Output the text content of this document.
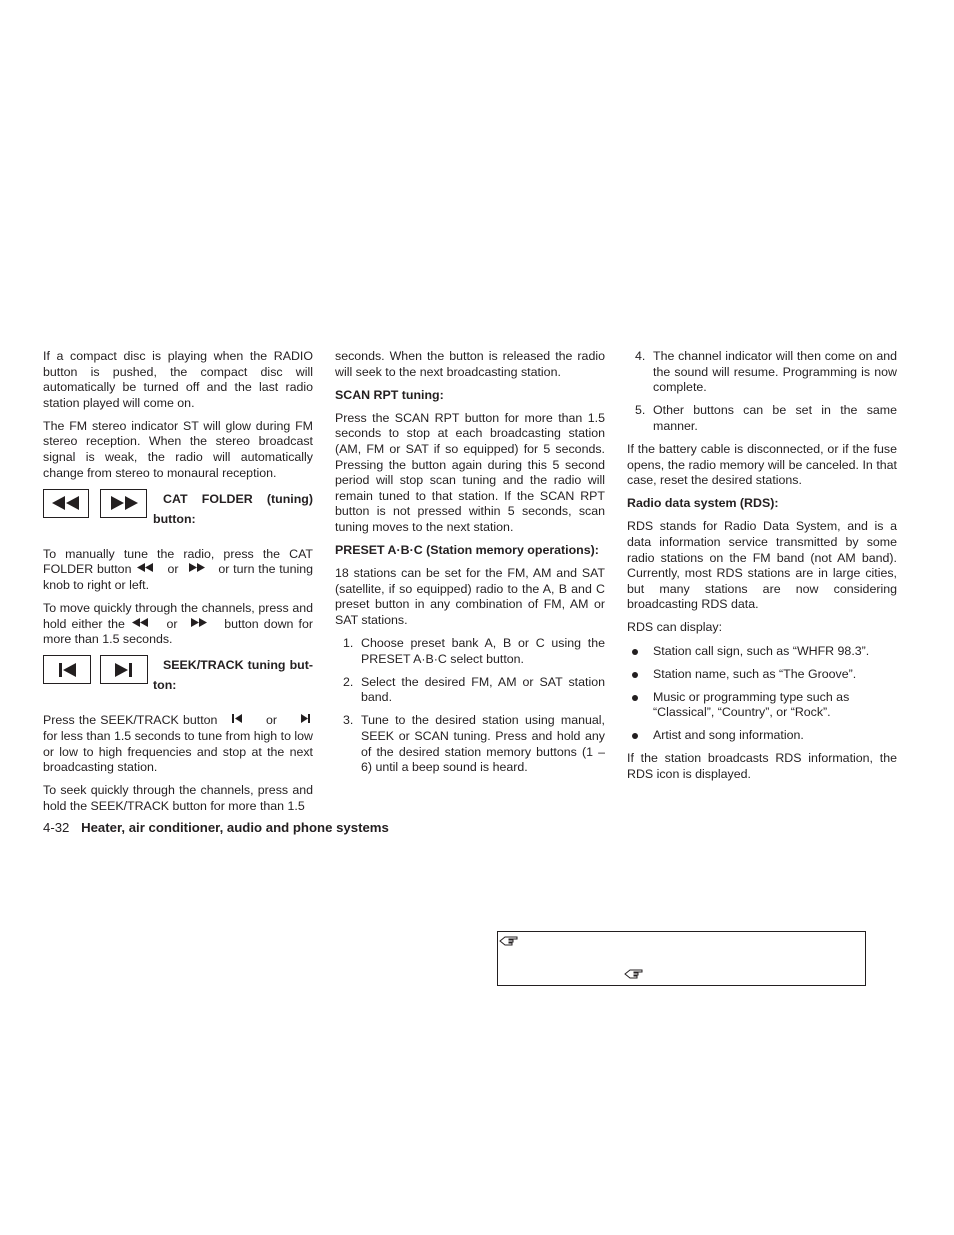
If a compact disc is playing when the RADIO button is pushed, the compact disc will automatically be turned off and the last radio station played will come on.

The FM stereo indicator ST will glow during FM stereo reception. When the stereo broadcast signal is weak, the radio will automatically change from stereo to monaural reception.

CAT FOLDER (tuning)
button:

To manually tune the radio, press the CAT FOLDER button	or	or turn the tuning knob to right or left.

To move quickly through the channels, press and hold either the	or	button down for more than 1.5 seconds.

SEEK/TRACK tuning but-
ton:

Press the SEEK/TRACK button	or      for less than 1.5 seconds to tune from high to low or low to high frequencies and stop at the next broadcasting station.

To seek quickly through the channels, press and hold the SEEK/TRACK button for more than 1.5

seconds. When the button is released the radio will seek to the next broadcasting station.

SCAN RPT tuning:

Press the SCAN RPT button for more than 1.5 seconds to stop at each broadcasting station (AM, FM or SAT if so equipped) for 5 seconds. Pressing the button again during this 5 second period will stop scan tuning and the radio will remain tuned to that station. If the SCAN RPT button is not pressed within 5 seconds, scan tuning moves to the next station.

PRESET A·B·C (Station memory operations):

18 stations can be set for the FM, AM and SAT (satellite, if so equipped) radio to the A, B and C preset button in any combination of FM, AM or SAT stations.

1. Choose preset bank A, B or C using the PRESET A·B·C select button.
2. Select the desired FM, AM or SAT station band.
3. Tune to the desired station using manual, SEEK or SCAN tuning. Press and hold any of the desired station memory buttons (1 – 6) until a beep sound is heard.
4. The channel indicator will then come on and the sound will resume. Programming is now complete.
5. Other buttons can be set in the same manner.

If the battery cable is disconnected, or if the fuse opens, the radio memory will be canceled. In that case, reset the desired stations.

Radio data system (RDS):

RDS stands for Radio Data System, and is a data information service transmitted by some radio stations on the FM band (not AM band). Currently, most RDS stations are in large cities, but many stations are now considering broadcasting RDS data.

RDS can display:

Station call sign, such as “WHFR 98.3”.
Station name, such as “The Groove”.
Music or programming type such as “Classical”, “Country”, or “Rock”.
Artist and song information.

If the station broadcasts RDS information, the RDS icon is displayed.

4-32 Heater, air conditioner, audio and phone systems
